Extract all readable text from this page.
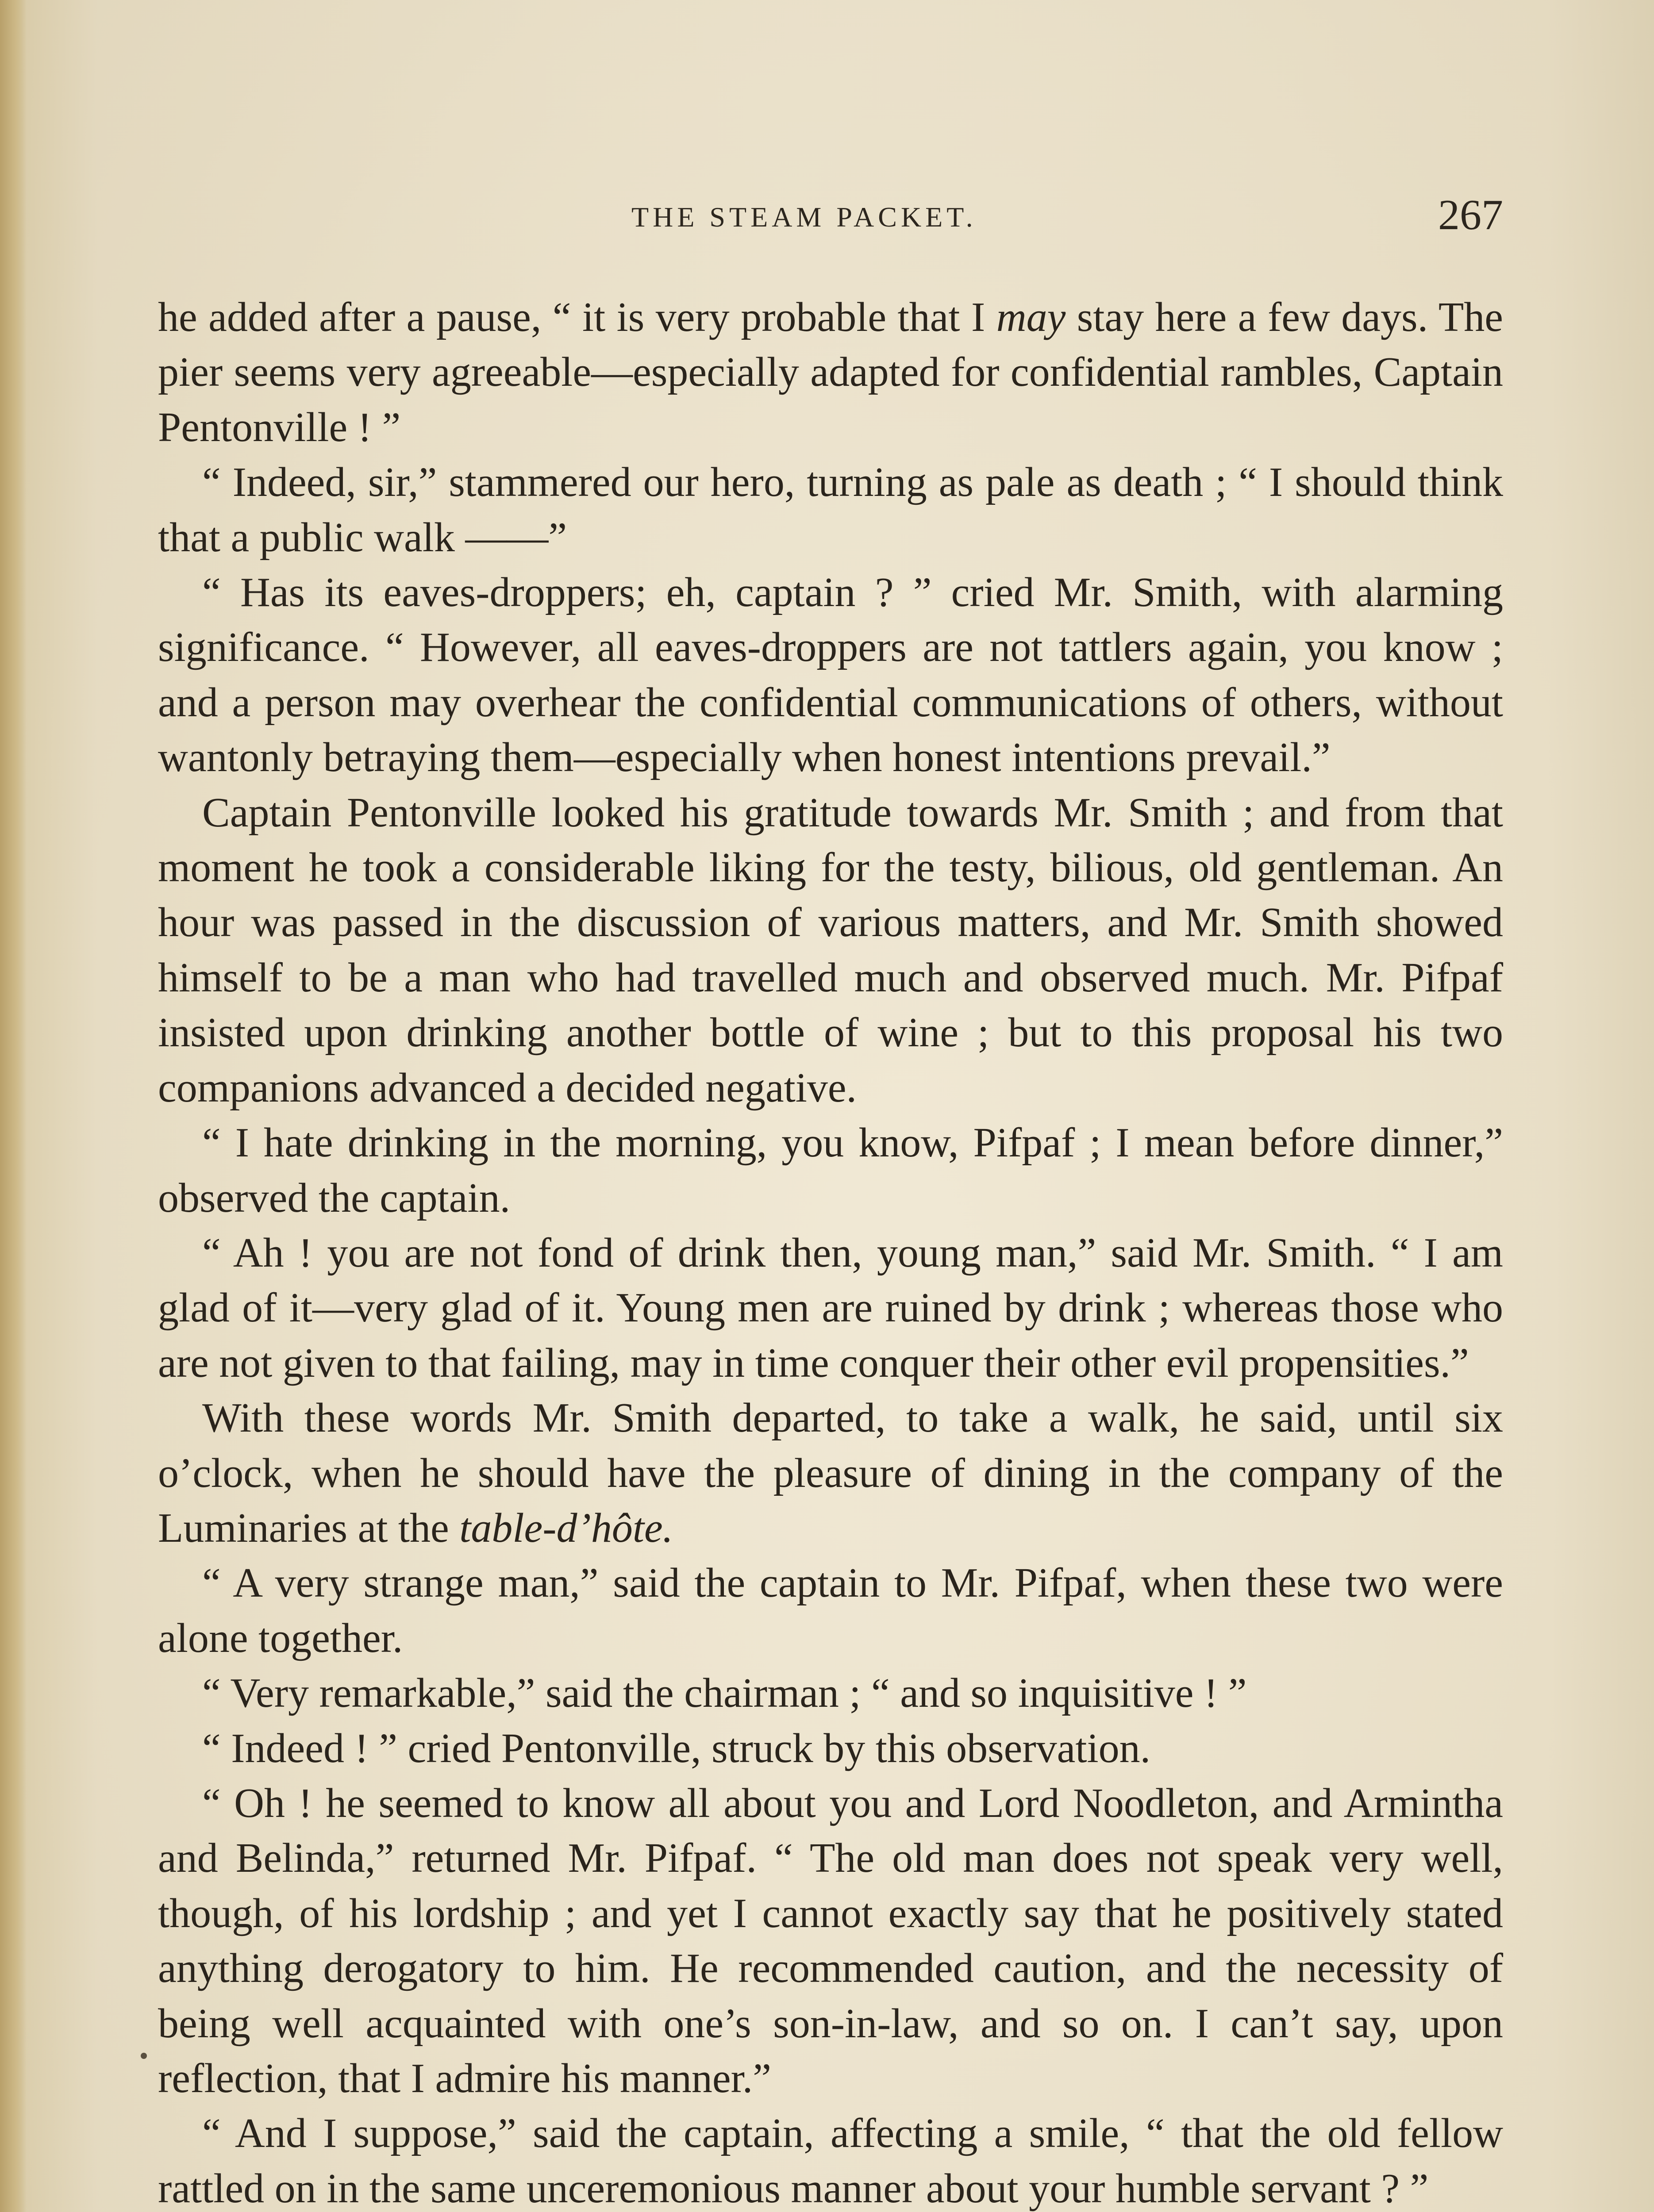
THE STEAM PACKET.	267

he added after a pause, “ it is very probable that I may stay here a few days. The pier seems very agreeable—especially adapted for confidential rambles, Captain Pentonville ! ”

“ Indeed, sir,” stammered our hero, turning as pale as death ; “ I should think that a public walk ——”

“ Has its eaves-droppers; eh, captain ? ” cried Mr. Smith, with alarming significance. “ However, all eaves-droppers are not tattlers again, you know ; and a person may overhear the confidential communications of others, without wantonly betraying them—especially when honest intentions prevail.”

Captain Pentonville looked his gratitude towards Mr. Smith ; and from that moment he took a considerable liking for the testy, bilious, old gentleman. An hour was passed in the discussion of various matters, and Mr. Smith showed himself to be a man who had travelled much and observed much. Mr. Pifpaf insisted upon drinking another bottle of wine ; but to this proposal his two companions advanced a decided negative.

“ I hate drinking in the morning, you know, Pifpaf ; I mean before dinner,” observed the captain.

“ Ah ! you are not fond of drink then, young man,” said Mr. Smith. “ I am glad of it—very glad of it. Young men are ruined by drink ; whereas those who are not given to that failing, may in time conquer their other evil propensities.”

With these words Mr. Smith departed, to take a walk, he said, until six o’clock, when he should have the pleasure of dining in the company of the Luminaries at the table-d’hôte.

“ A very strange man,” said the captain to Mr. Pifpaf, when these two were alone together.

“ Very remarkable,” said the chairman ; “ and so inquisitive ! ”

“ Indeed ! ” cried Pentonville, struck by this observation.

“ Oh ! he seemed to know all about you and Lord Noodleton, and Armintha and Belinda,” returned Mr. Pifpaf. “ The old man does not speak very well, though, of his lordship ; and yet I cannot exactly say that he positively stated anything derogatory to him. He recommended caution, and the necessity of being well acquainted with one’s son-in-law, and so on. I can’t say, upon reflection, that I admire his manner.”

“ And I suppose,” said the captain, affecting a smile, “ that the old fellow rattled on in the same unceremonious manner about your humble servant ? ”
